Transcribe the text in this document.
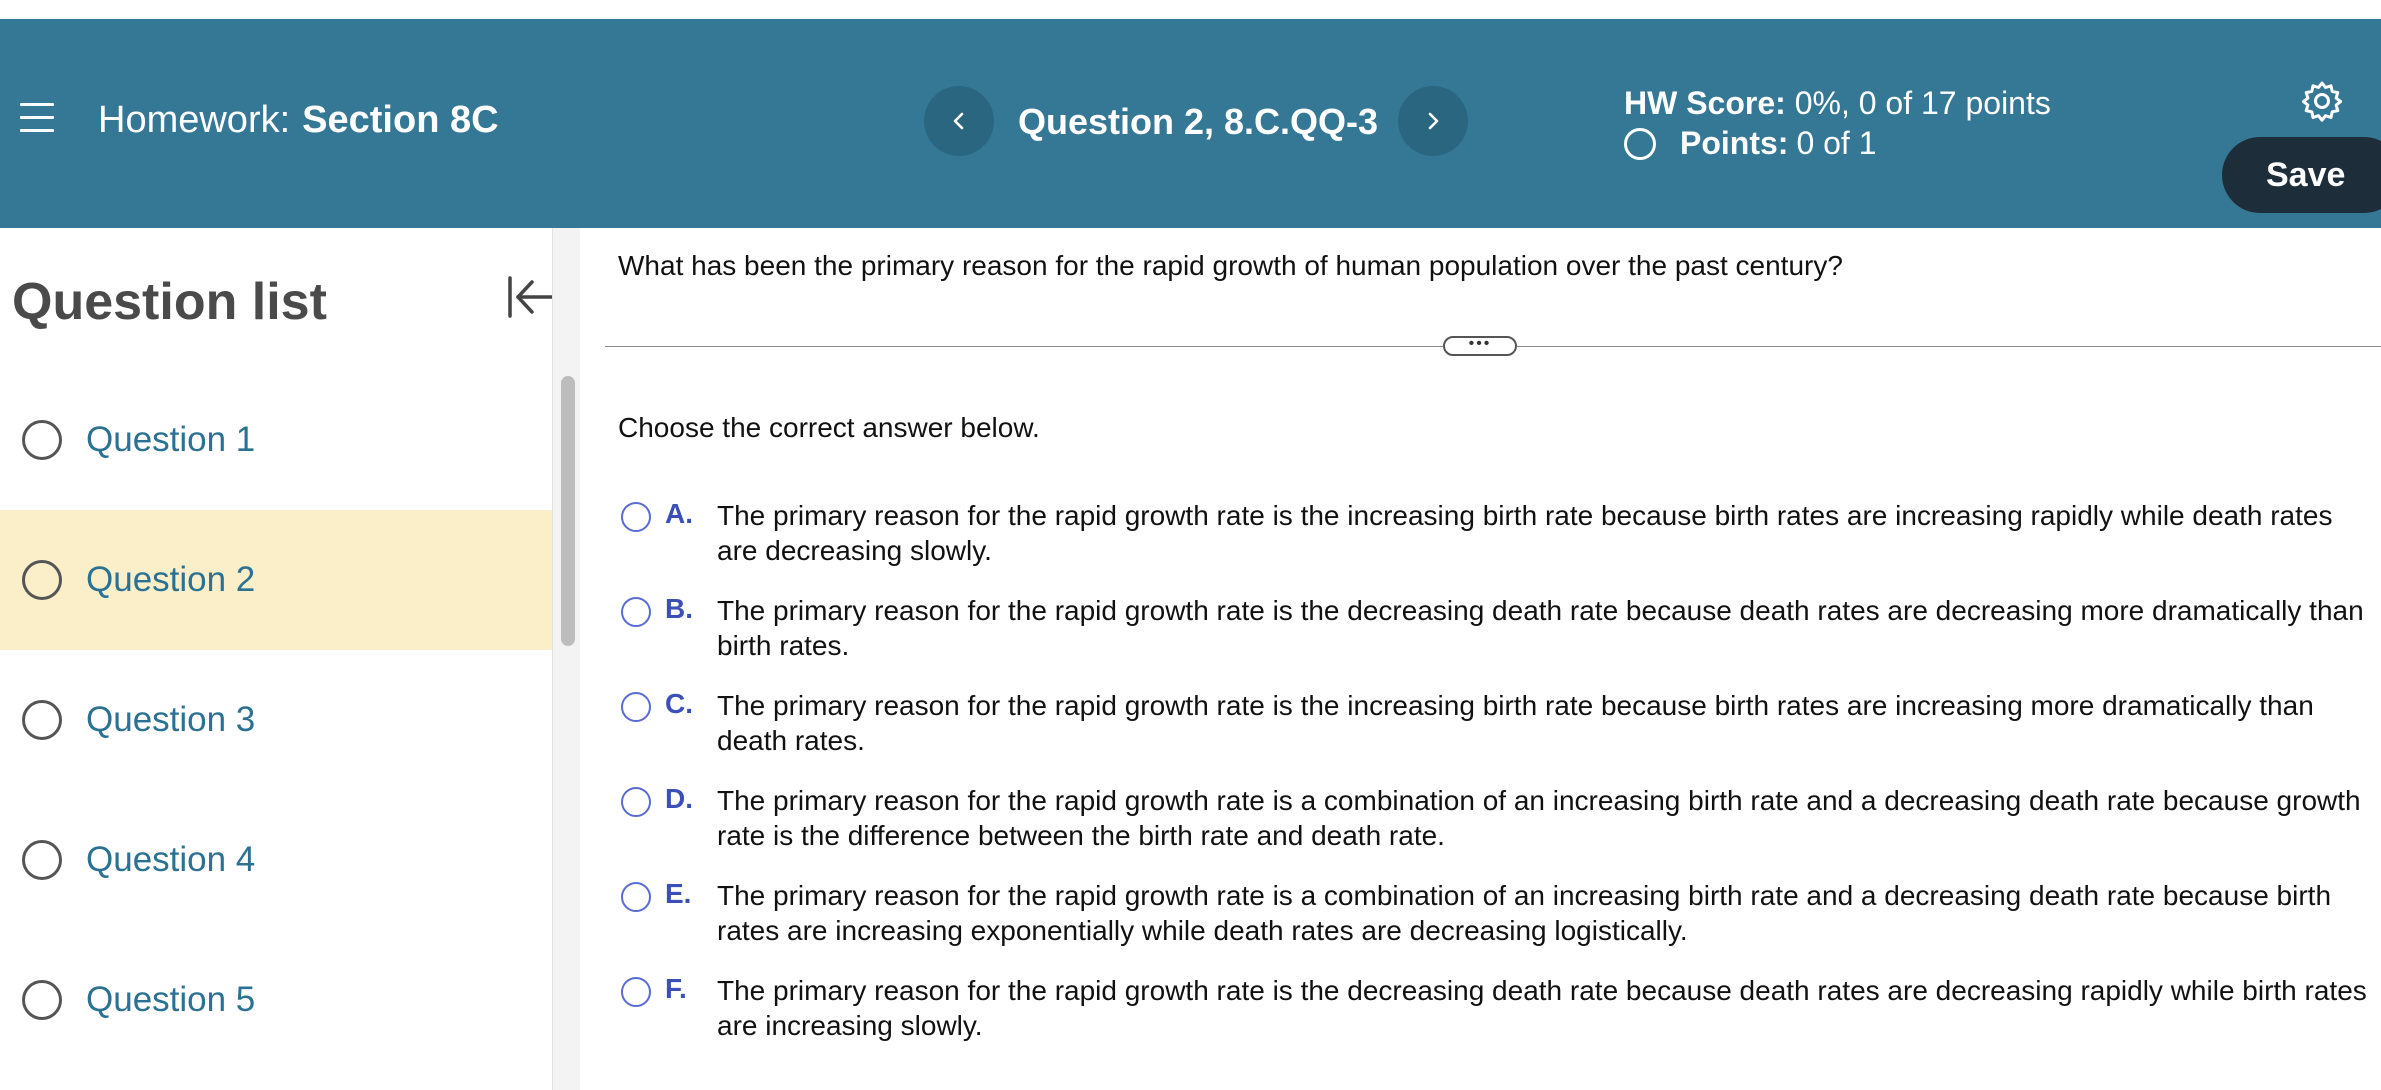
Homework: Section 8C	Question 2, 8.C.QQ-3	HW Score: 0%, 0 of 17 points
Points: 0 of 1
Save
Question list
Question 1
Question 2
Question 3
Question 4
Question 5
What has been the primary reason for the rapid growth of human population over the past century?
•••
Choose the correct answer below.
A. The primary reason for the rapid growth rate is the increasing birth rate because birth rates are increasing rapidly while death rates are decreasing slowly.
B. The primary reason for the rapid growth rate is the decreasing death rate because death rates are decreasing more dramatically than birth rates.
C. The primary reason for the rapid growth rate is the increasing birth rate because birth rates are increasing more dramatically than death rates.
D. The primary reason for the rapid growth rate is a combination of an increasing birth rate and a decreasing death rate because growth rate is the difference between the birth rate and death rate.
E. The primary reason for the rapid growth rate is a combination of an increasing birth rate and a decreasing death rate because birth rates are increasing exponentially while death rates are decreasing logistically.
F. The primary reason for the rapid growth rate is the decreasing death rate because death rates are decreasing rapidly while birth rates are increasing slowly.
